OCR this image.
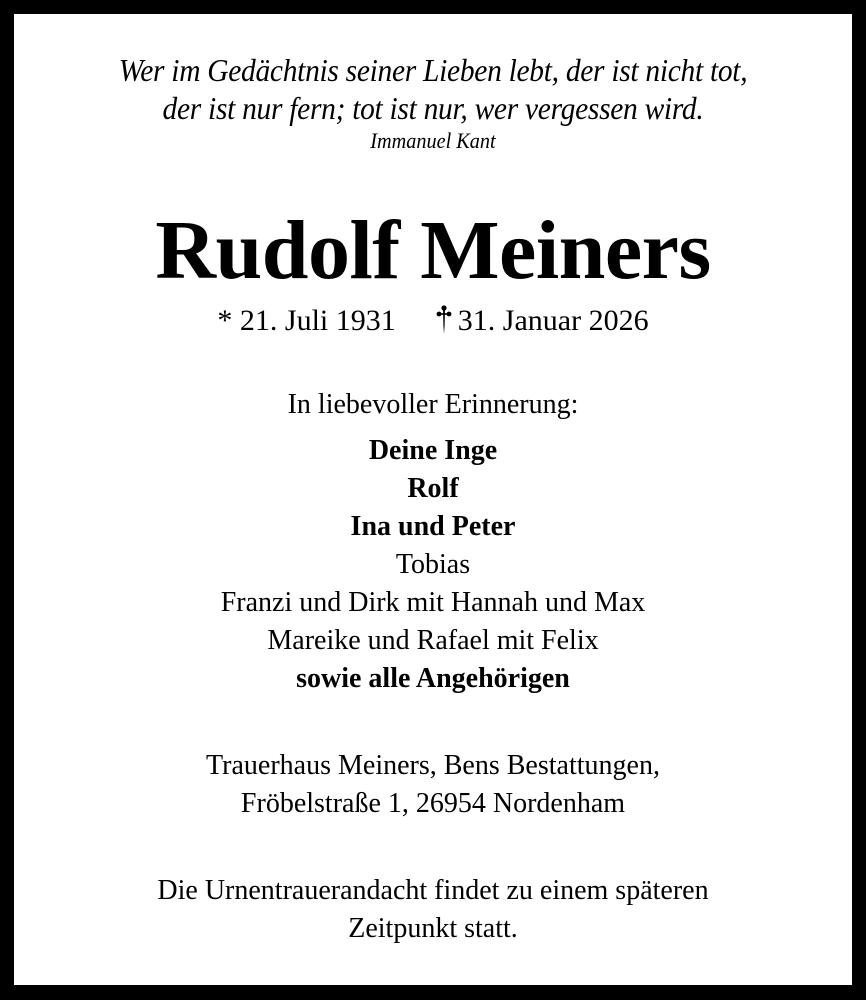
Wer im Gedächtnis seiner Lieben lebt, der ist nicht tot,
der ist nur fern; tot ist nur, wer vergessen wird.
Immanuel Kant
Rudolf Meiners
* 21. Juli 1931 31. Januar 2026
In liebevoller Erinnerung:
Deine Inge
Rolf
Ina und Peter
Tobias
Franzi und Dirk mit Hannah und Max
Mareike und Rafael mit Felix
sowie alle Angehörigen
Trauerhaus Meiners, Bens Bestattungen,
Fröbelstraße 1, 26954 Nordenham
Die Urnentrauerandacht findet zu einem späteren
Zeitpunkt statt.
